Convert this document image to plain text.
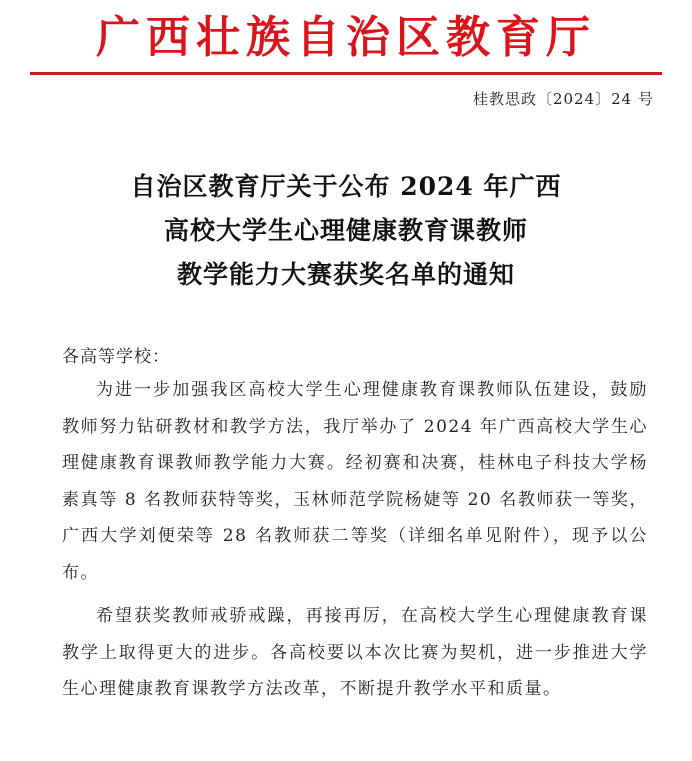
广西壮族自治区教育厅
桂教思政〔2024〕24 号
自治区教育厅关于公布 2024 年广西
高校大学生心理健康教育课教师
教学能力大赛获奖名单的通知
各高等学校：
为进一步加强我区高校大学生心理健康教育课教师队伍建设，鼓励教师努力钻研教材和教学方法，我厅举办了 2024 年广西高校大学生心理健康教育课教师教学能力大赛。经初赛和决赛，桂林电子科技大学杨素真等 8 名教师获特等奖，玉林师范学院杨婕等 20 名教师获一等奖，广西大学刘便荣等 28 名教师获二等奖（详细名单见附件），现予以公布。
希望获奖教师戒骄戒躁，再接再厉，在高校大学生心理健康教育课教学上取得更大的进步。各高校要以本次比赛为契机，进一步推进大学生心理健康教育课教学方法改革，不断提升教学水平和质量。
